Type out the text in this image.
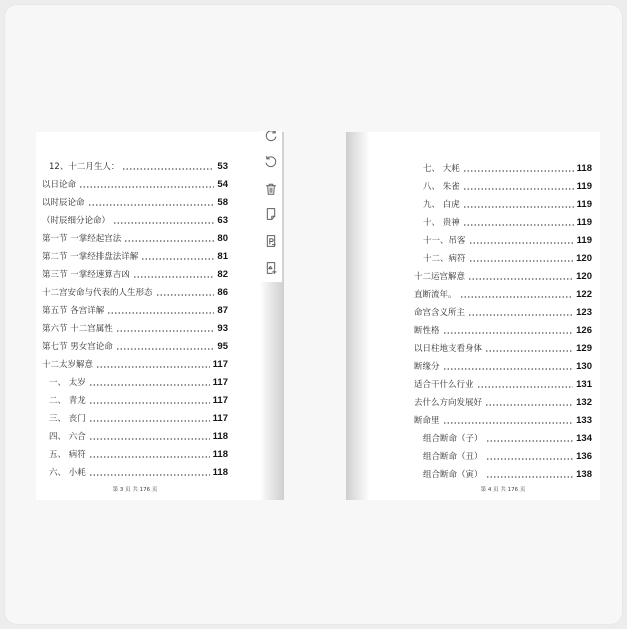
12、十二月生人：	53
以日论命	54
以时辰论命	58
（时辰细分论命）	63
第一节 一掌经起宫法	80
第二节 一掌经排盘法详解	81
第三节 一掌经速算吉凶	82
十二宫安命与代表的人生形态	86
第五节 各宫详解	87
第六节 十二宫属性	93
第七节 男女宫论命	95
十二太岁解意	117
一、 太岁	117
二、 青龙	117
三、 丧门	117
四、 六合	118
五、 病符	118
六、 小耗	118
第 3 页 共 176 页
七、 大耗	118
八、 朱雀	119
九、 白虎	119
十、 贵神	119
十一、吊客	119
十二、病符	120
十二运宫解意	120
直断流年。	122
命宫含义所主	123
断性格	126
以日柱地支看身体	129
断缘分	130
适合干什么行业	131
去什么方向发展好	132
断命里	133
组合断命（子）	134
组合断命（丑）	136
组合断命（寅）	138
第 4 页 共 176 页
